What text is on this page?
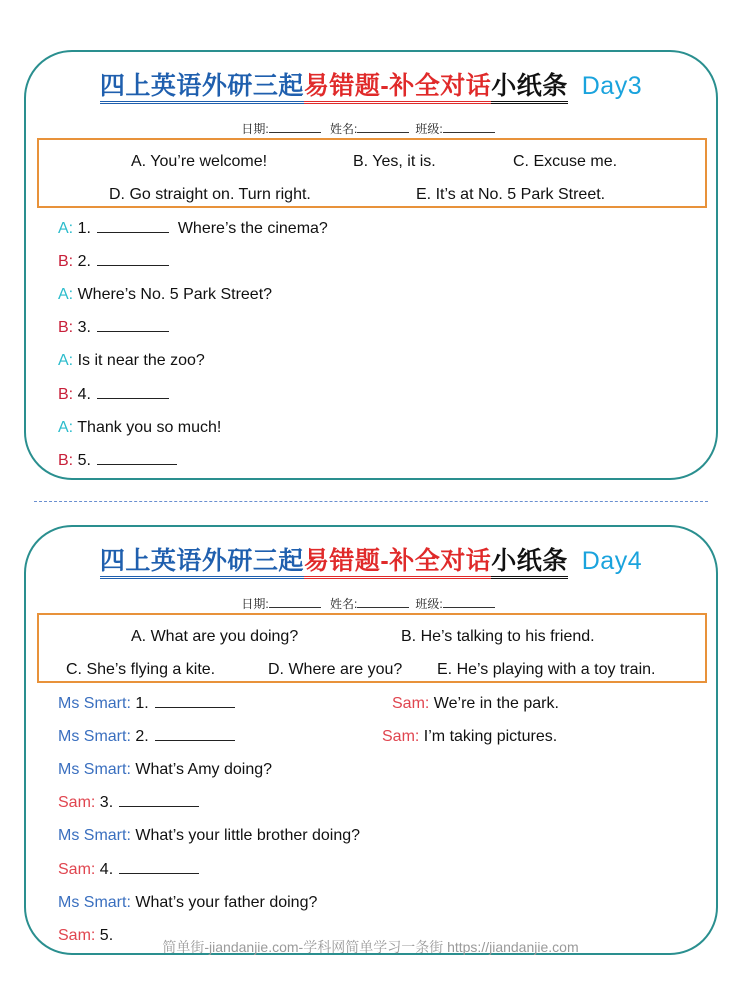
四上英语外研三起易错题-补全对话小纸条 Day3
日期:	姓名:	班级:
A. You’re welcome!	B. Yes, it is.	C. Excuse me.
D. Go straight on. Turn right.	E. It’s at No. 5 Park Street.
A: 1.	Where’s the cinema?
B: 2.
A: Where’s No. 5 Park Street?
B: 3.
A: Is it near the zoo?
B: 4.
A: Thank you so much!
B: 5.
四上英语外研三起易错题-补全对话小纸条 Day4
日期:	姓名:	班级:
A. What are you doing?	B. He’s talking to his friend.
C. She’s flying a kite.	D. Where are you? E. He’s playing with a toy train.
Ms Smart: 1.	Sam: We’re in the park.
Ms Smart: 2.	Sam: I’m taking pictures.
Ms Smart: What’s Amy doing?
Sam: 3.
Ms Smart: What’s your little brother doing?
Sam: 4.
Ms Smart: What’s your father doing?
Sam: 5.
简单街-jiandanjie.com-学科网简单学习一条街 https://jiandanjie.com
